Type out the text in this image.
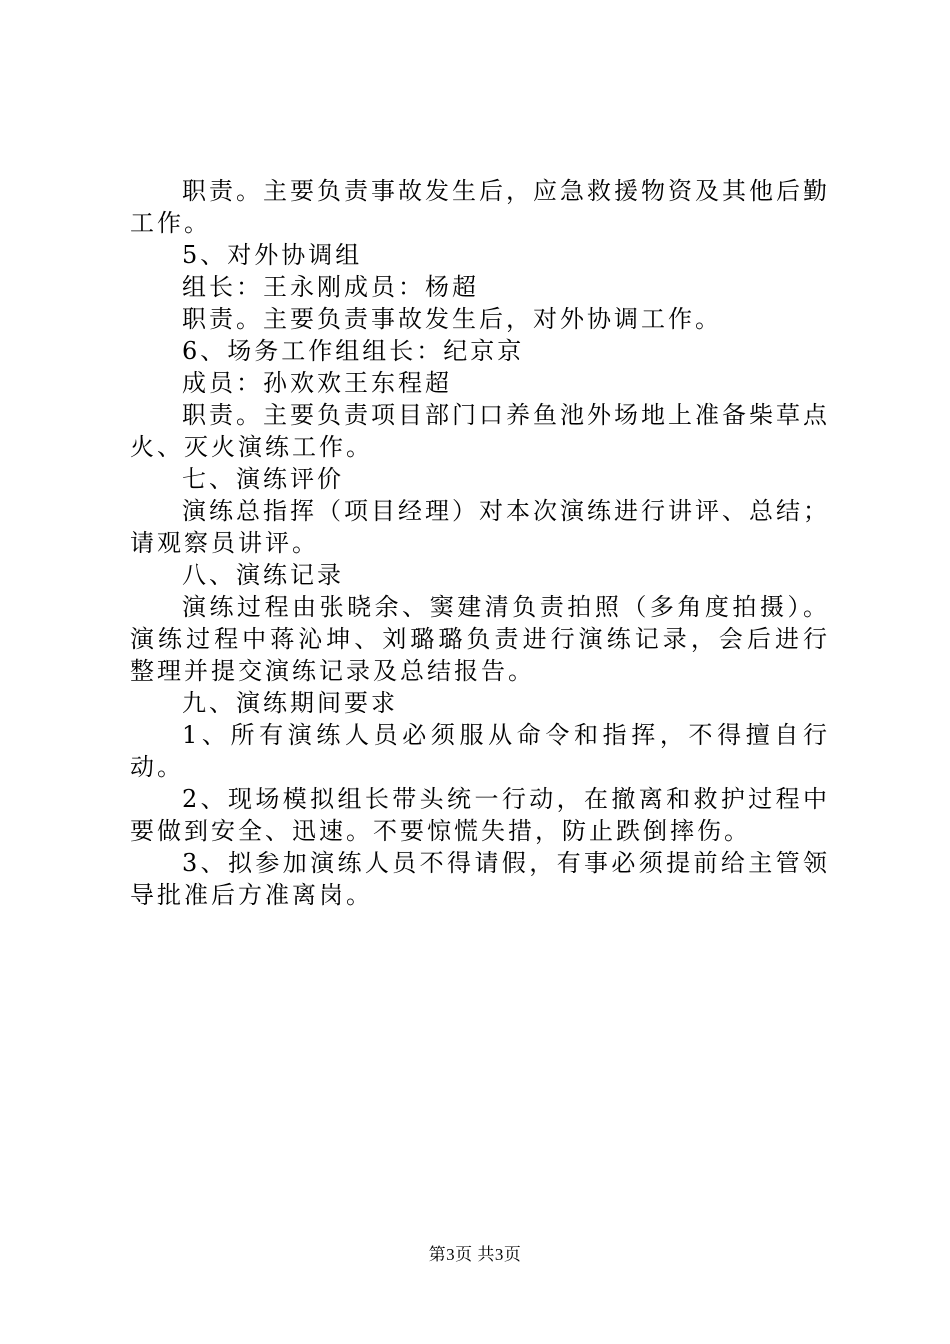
职责。主要负责事故发生后，应急救援物资及其他后勤工作。

5、对外协调组

组长：王永刚成员：杨超

职责。主要负责事故发生后，对外协调工作。

6、场务工作组组长：纪京京

成员：孙欢欢王东程超

职责。主要负责项目部门口养鱼池外场地上准备柴草点火、灭火演练工作。

七、演练评价

演练总指挥（项目经理）对本次演练进行讲评、总结；请观察员讲评。

八、演练记录

演练过程由张晓余、窦建清负责拍照（多角度拍摄）。演练过程中蒋沁坤、刘璐璐负责进行演练记录，会后进行整理并提交演练记录及总结报告。

九、演练期间要求

1、所有演练人员必须服从命令和指挥，不得擅自行动。

2、现场模拟组长带头统一行动，在撤离和救护过程中要做到安全、迅速。不要惊慌失措，防止跌倒摔伤。

3、拟参加演练人员不得请假，有事必须提前给主管领导批准后方准离岗。

第3页 共3页
